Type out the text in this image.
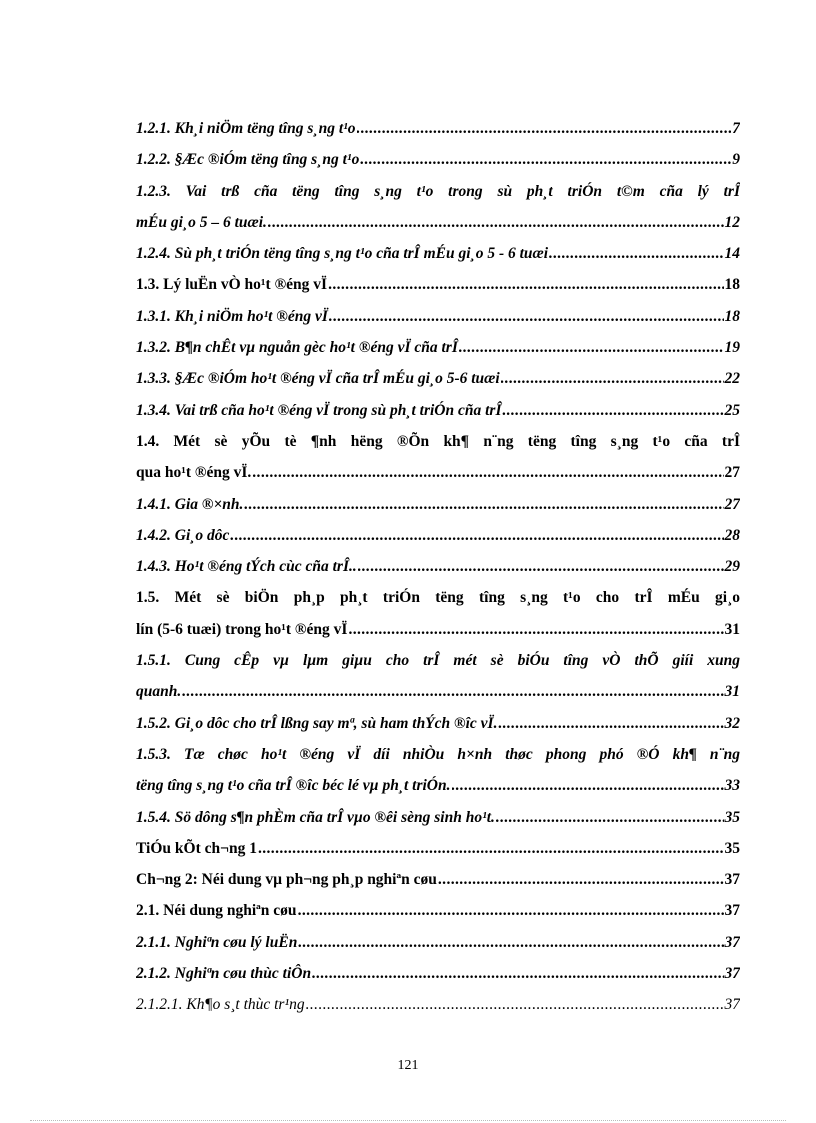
1.2.1. Kh¸i niÖm tëng tîng s¸ng t¹o .....	7
1.2.2. §Æc ®iÓm tëng tîng s¸ng t¹o .....	9
1.2.3. Vai trß cña tëng tîng s¸ng t¹o trong sù ph¸t triÓn t©m cña lý trÎ
mÉu gi¸o 5 – 6 tuæi. .....	12
1.2.4. Sù ph¸t triÓn tëng tîng s¸ng t¹o cña trÎ mÉu gi¸o 5 - 6 tuæi .....	14
1.3. Lý luËn vÒ ho¹t ®éng vÏ .....	18
1.3.1. Kh¸i niÖm ho¹t ®éng vÏ .....	18
1.3.2. B¶n chÊt vµ nguån gèc ho¹t ®éng vÏ cña trÎ .....	19
1.3.3. §Æc ®iÓm ho¹t ®éng vÏ cña trÎ mÉu gi¸o 5-6 tuæi .....	22
1.3.4. Vai trß cña ho¹t ®éng vÏ trong sù ph¸t triÓn cña trÎ .....	25
1.4. Mét sè yÕu tè ¶nh hëng ®Õn kh¶ n¨ng tëng tîng s¸ng t¹o cña trÎ
qua ho¹t ®éng vÏ. .....	27
1.4.1. Gia ®×nh. .....	27
1.4.2. Gi¸o dôc .....	28
1.4.3. Ho¹t ®éng tÝch cùc cña trÎ.. .....	29
1.5. Mét sè biÖn ph¸p ph¸t triÓn tëng tîng s¸ng t¹o cho trÎ mÉu gi¸o
lín (5-6 tuæi) trong ho¹t ®éng vÏ .....	31
1.5.1. Cung cÊp vµ lµm giµu cho trÎ mét sè biÓu tîng vÒ thÕ giíi xung
quanh. .....	31
1.5.2. Gi¸o dôc cho trÎ lßng say mª, sù ham thÝch ®îc vÏ. .....	32
1.5.3. Tæ chøc ho¹t ®éng vÏ díi nhiÒu h×nh thøc phong phó ®Ó kh¶ n¨ng
tëng tîng s¸ng t¹o cña trÎ ®îc béc lé vµ ph¸t triÓn. .....	33
1.5.4. Sö dông s¶n phÈm cña trÎ vµo ®êi sèng sinh ho¹t. .....	35
TiÓu kÕt ch¬ng 1 .....	35
Ch¬ng 2: Néi dung vµ ph¬ng ph¸p nghiªn cøu .....	37
2.1. Néi dung nghiªn cøu .....	37
2.1.1. Nghiªn cøu lý luËn .....	37
2.1.2. Nghiªn cøu thùc tiÔn .....	37
2.1.2.1. Kh¶o s¸t thùc tr¹ng .....	37
121
